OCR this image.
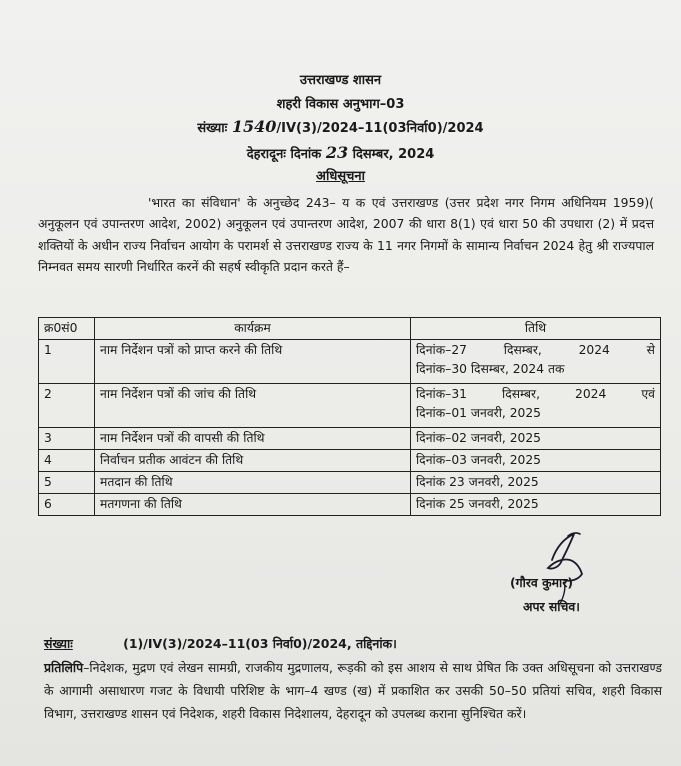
उत्तराखण्ड शासन
शहरी विकास अनुभाग–03
संख्याः 1540/IV(3)/2024–11(03निर्वा0)/2024
देहरादूनः दिनांक 23 दिसम्बर, 2024
अधिसूचना

'भारत का संविधान' के अनुच्छेद 243– य क एवं उत्तराखण्ड (उत्तर प्रदेश नगर निगम अधिनियम 1959)( अनुकूलन एवं उपान्तरण आदेश, 2002) अनुकूलन एवं उपान्तरण आदेश, 2007 की धारा 8(1) एवं धारा 50 की उपधारा (2) में प्रदत्त शक्तियों के अधीन राज्य निर्वाचन आयोग के परामर्श से उत्तराखण्ड राज्य के 11 नगर निगमों के सामान्य निर्वाचन 2024 हेतु श्री राज्यपाल निम्नवत समय सारणी निर्धारित करनें की सहर्ष स्वीकृति प्रदान करते हैं–

क्र0सं0	कार्यक्रम	तिथि
1	नाम निर्देशन पत्रों को प्राप्त करने की तिथि	दिनांक–27 दिसम्बर, 2024 से
दिनांक–30 दिसम्बर, 2024 तक
2	नाम निर्देशन पत्रों की जांच की तिथि	दिनांक–31 दिसम्बर, 2024 एवं
दिनांक–01 जनवरी, 2025
3	नाम निर्देशन पत्रों की वापसी की तिथि	दिनांक–02 जनवरी, 2025
4	निर्वाचन प्रतीक आवंटन की तिथि	दिनांक–03 जनवरी, 2025
5	मतदान की तिथि	दिनांक 23 जनवरी, 2025
6	मतगणना की तिथि	दिनांक 25 जनवरी, 2025
(गौरव कुमार)
अपर सचिव।
संख्याः	(1)/IV(3)/2024–11(03 निर्वा0)/2024, तद्दिनांक।

प्रतिलिपि–निदेशक, मुद्रण एवं लेखन सामग्री, राजकीय मुद्रणालय, रूड़की को इस आशय से साथ प्रेषित कि उक्त अधिसूचना को उत्तराखण्ड के आगामी असाधारण गजट के विधायी परिशिष्ट के भाग–4 खण्ड (ख) में प्रकाशित कर उसकी 50–50 प्रतियां सचिव, शहरी विकास विभाग, उत्तराखण्ड शासन एवं निदेशक, शहरी विकास निदेशालय, देहरादून को उपलब्ध कराना सुनिश्चित करें।
